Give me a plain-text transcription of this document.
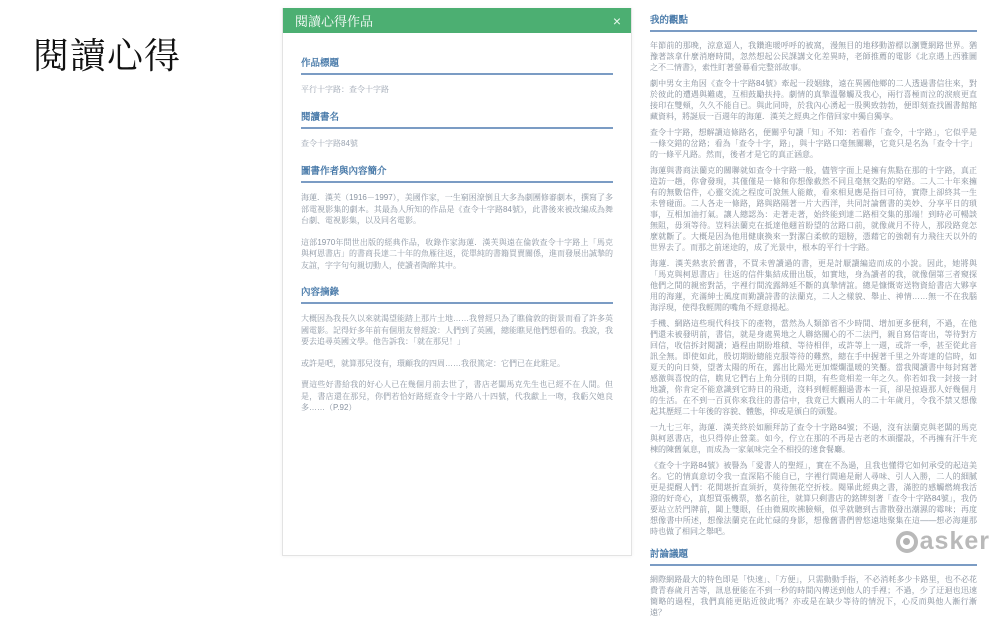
閱讀心得
閱讀心得作品	×
作品標題
平行十字路：查令十字路
閱讀書名
查令十字路84號
圖書作者與內容簡介
海蓮．漢芙（1916－1997），美國作家，一生窮困潦倒且大多為劇團修審劇本，撰寫了多部電視影集的劇本。其最為人所知的作品是《查令十字路84號》，此書後來被改編成為舞台劇、電視影集，以及同名電影。
這部1970年問世出版的經典作品，收錄作家海蓮．漢芙與遠在倫敦查令十字路上「馬克與柯恩書店」的書商長達二十年的魚雁往返，從單純的書籍買賣關係，進而發展出誠摯的友誼，字字句句親切動人，使讀者陶醉其中。
內容摘錄
大概因為我長久以來就渴望能踏上那片土地……我曾經只為了瞧倫敦的街景而看了許多英國電影。記得好多年前有個朋友曾經說：人們到了英國，總能瞧見他們想看的。我說，我要去追尋英國文學。他告訴我：「就在那兒！」
或許是吧，就算那兒沒有，環顧我的四周……我很篤定：它們已在此駐足。
賣這些好書給我的好心人已在幾個月前去世了，書店老闆馬克先生也已經不在人間。但是，書店還在那兒，你們若恰好路經查令十字路八十四號，代我獻上一吻，我虧欠她良多……（P.92）
我的觀點
年節前的那晚，涼意逼人，我鑽進暖呼呼的被窩，漫無目的地移動游標以瀏覽網路世界。猶豫著該拿什麼消磨時間，忽然想起公民課講文化差異時，老師推薦的電影《北京遇上西雅圖之不二情書》，索性盯著螢幕看完整部故事。
劇中男女主角因《查令十字路84號》牽起一段姻緣，遠在異國他鄉的二人透過書信往來，對於彼此的遭遇與難處，互相鼓勵扶持。劇情的真摯溫馨觸及我心，兩行喜極而泣的淚痕更直接印在雙頰，久久不能自已。與此同時，於我內心湧起一股興致勃勃，便即刻查找圖書館館藏資料，將誕辰一百週年的海蓮．漢芙之經典之作借回家中獨自獨享。
查令十字路，想解讀這條路名，便關乎句讀「知」不知：若看作「查令，十字路」，它似乎是一條交錯的岔路；看為「查令十字，路」，與十字路口毫無關聯，它竟只是名為「查令十字」的一條平凡路。然而，後者才是它的真正涵意。
海蓮與書商法蘭克的關聯就如查令十字路一般，儘管字面上是擁有焦點在那的十字路，真正造訪一趟，你會發現，其僅僅是一條和你想像截然不同且毫無交點的窄路。二人二十年來擁有的無數信件，心靈交流之程度可說無人能敵，看來相見應是指日可待，實際上卻終其一生未曾碰面。二人各走一條路，路與路隔著一片大西洋，共同討論舊書的美妙、分享平日的瑣事，互相加油打氣。讓人總認為：走著走著，始終能到達二路相交集的那端！到時必可暢談無阻，毋須等待。豈料法蘭克在抵達他翹首盼望的岔路口前，就像歲月不待人，那段路竟怎麼就斷了。大概是因為他用健康換來一對潔白柔軟的翅膀，憑藉它的強韌有力飛往天以外的世界去了。而那之前迷途的，成了光景中，根本的平行十字路。
海蓮．漢芙熱衷於舊書，不買未曾讀過的書，更是討厭讀編造而成的小說。因此，她將與「馬克與柯恩書店」往返的信件集結成冊出版，如實地，身為讀者的我，就像個第三者窺探他們之間的親密對話，字裡行間流露綿延不斷的真摯情誼。總是慷慨寄送物資給書店大夥享用的海蓮，充滿紳士風度而勤讀詩書的法蘭克，二人之樣貌、舉止、神情……無一不在我腦海浮現，使得我輕閒的嘴角不經意揚起。
手機、網路這些現代科技下的產物，當然為人類節省不少時間、增加更多便利，不過，在他們還未被發明前，書信，就是身處異地之人聯絡關心的不二法門，親自寫信寄出，等待對方回信，收信拆封閱讀；過程由期盼堆積、等待相伴，或許等上一週，或許一季，甚至從此音訊全無。即使如此，殷切期盼總能克服等待的難熬，總在手中握著千里之外寄達的信時，如夏天的向日葵，望著太陽的所在，露出比陽光更加燦爛溫暖的笑靨。當我閱讀書中每封寫著感激與喜悅的信，瞧見它們右上角分別的日期，有些竟相差一年之久。你若如我一封接一封地讀，你肯定不能意識到它時日的飛逝，沒料到輕輕翻過書本一頁，卻是掠過那人好幾個月的生活。在不到一百頁你來我往的書信中，我竟已大觀兩人的二十年歲月，令我不禁又想像起其歷經二十年後的容貌、體態，抑或是頒白的頭髮。
一九七三年，海蓮．漢芙終於如願拜訪了查令十字路84號；不過，沒有法蘭克與老闆的馬克與柯恩書店，也只得停止營業。如今，佇立在那的不再是古老的木頭擺設，不再擁有汗牛充棟的陳舊氣息，而成為一家氣味完全不相投的速食餐廳。
《查令十字路84號》被譽為「愛書人的聖經」，實在不為過，且我也懂得它如何承受的起這美名。它的情真意切令我一直深陷不能自已，字裡行間遍是耐人尋味、引人入勝，二人的細膩更是提醒人們：花開堪折直須折，莫待無花空折枝。閱畢此經典之書，滿腔的感觸燃燒我活潑的好奇心，真想買張機票，慕名前往，就算只剩書店的銘牌刻著「查令十字路84號」，我仍要站立於門牌前，闔上雙眼，任由微風吹拂臉頰，似乎就聽到古書散發出潮濕的霉味；再度想像書中所述，想像法蘭克在此忙碌的身影，想像舊書們曾悠遠地聚集在這——想必海蓮那時也做了相同之舉吧。
討論議題
網際網路最大的特色即是「快速」、「方便」，只需動動手指，不必消耗多少卡路里，也不必花費青春歲月苦等，訊息便能在不到一秒的時間內傳送到他人的手裡；不過，少了迂迴也迅速簡略的過程，我們真能更貼近彼此嗎？亦或是在缺少等待的情況下，心反而與他人漸行漸遠？
asker
